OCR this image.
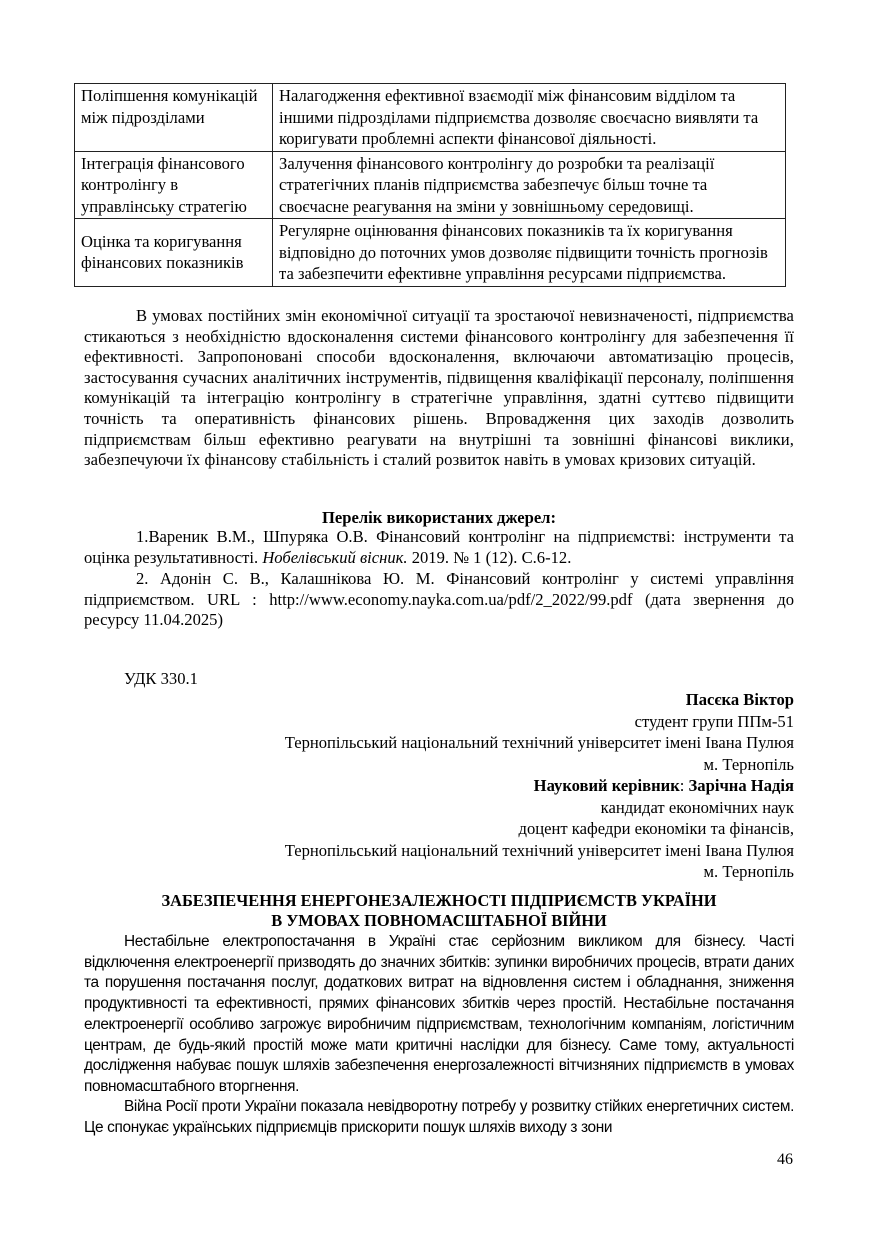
Поліпшення комунікацій між підрозділами	Налагодження ефективної взаємодії між фінансовим відділом та іншими підрозділами підприємства дозволяє своєчасно виявляти та коригувати проблемні аспекти фінансової діяльності.
Інтеграція фінансового контролінгу в управлінську стратегію	Залучення фінансового контролінгу до розробки та реалізації стратегічних планів підприємства забезпечує більш точне та своєчасне реагування на зміни у зовнішньому середовищі.
Оцінка та коригування фінансових показників	Регулярне оцінювання фінансових показників та їх коригування відповідно до поточних умов дозволяє підвищити точність прогнозів та забезпечити ефективне управління ресурсами підприємства.

В умовах постійних змін економічної ситуації та зростаючої невизначеності, підприємства стикаються з необхідністю вдосконалення системи фінансового контролінгу для забезпечення її ефективності. Запропоновані способи вдосконалення, включаючи автоматизацію процесів, застосування сучасних аналітичних інструментів, підвищення кваліфікації персоналу, поліпшення комунікацій та інтеграцію контролінгу в стратегічне управління, здатні суттєво підвищити точність та оперативність фінансових рішень. Впровадження цих заходів дозволить підприємствам більш ефективно реагувати на внутрішні та зовнішні фінансові виклики, забезпечуючи їх фінансову стабільність і сталий розвиток навіть в умовах кризових ситуацій.

Перелік використаних джерел:

1.Вареник В.М., Шпуряка О.В. Фінансовий контролінг на підприємстві: інструменти та оцінка результативності. Нобелівський вісник. 2019. № 1 (12). С.6-12.

2. Адонін С. В., Калашнікова Ю. М. Фінансовий контролінг у системі управління підприємством. URL : http://www.economy.nayka.com.ua/pdf/2_2022/99.pdf (дата звернення до ресурсу 11.04.2025)

УДК 330.1

Пасєка Віктор
студент групи ППм-51
Тернопільський національний технічний університет імені Івана Пулюя
м. Тернопіль
Науковий керівник: Зарічна Надія
кандидат економічних наук
доцент кафедри економіки та фінансів,
Тернопільський національний технічний університет імені Івана Пулюя
м. Тернопіль
ЗАБЕЗПЕЧЕННЯ ЕНЕРГОНЕЗАЛЕЖНОСТІ ПІДПРИЄМСТВ УКРАЇНИ
В УМОВАХ ПОВНОМАСШТАБНОЇ ВІЙНИ

Нестабільне електропостачання в Україні стає серйозним викликом для бізнесу. Часті відключення електроенергії призводять до значних збитків: зупинки виробничих процесів, втрати даних та порушення постачання послуг, додаткових витрат на відновлення систем і обладнання, зниження продуктивності та ефективності, прямих фінансових збитків через простій. Нестабільне постачання електроенергії особливо загрожує виробничим підприємствам, технологічним компаніям, логістичним центрам, де будь-який простій може мати критичні наслідки для бізнесу. Саме тому, актуальності дослідження набуває пошук шляхів забезпечення енергозалежності вітчизняних підприємств в умовах повномасштабного вторгнення.

Війна Росії проти України показала невідворотну потребу у розвитку стійких енергетичних систем. Це спонукає українських підприємців прискорити пошук шляхів виходу з зони

46
